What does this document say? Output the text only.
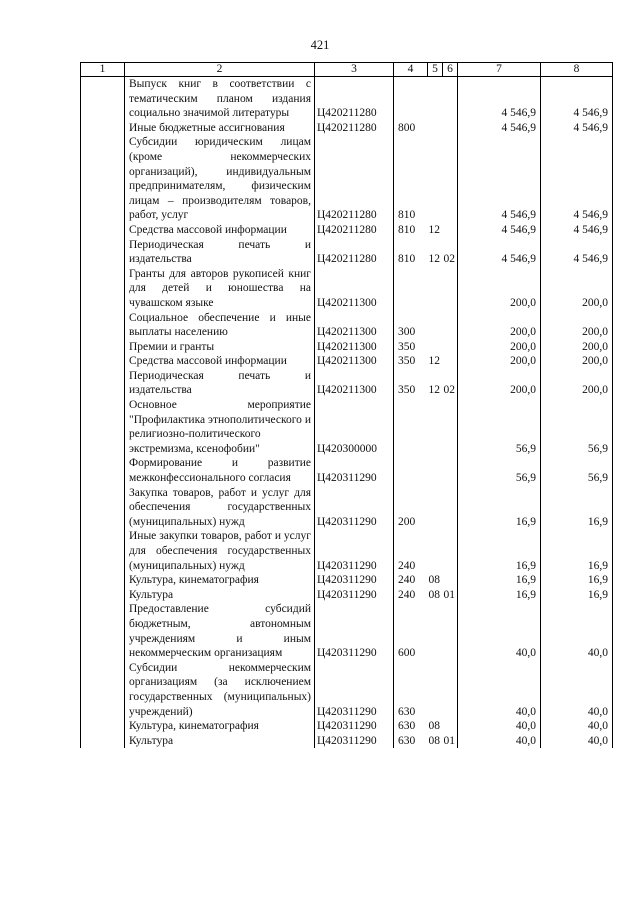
421
1	2	3	4	5	6	7	8
	Выпуск книг в соответствии с тематическим планом издания социально значимой литературы	Ц420211280				4 546,9	4 546,9
	Иные бюджетные ассигнования	Ц420211280	800			4 546,9	4 546,9
	Субсидии юридическим лицам (кроме некоммерческих организаций), индивидуальным предпринимателям, физическим лицам – производителям товаров, работ, услуг	Ц420211280	810			4 546,9	4 546,9
	Средства массовой информации	Ц420211280	810	12		4 546,9	4 546,9
	Периодическая печать и издательства	Ц420211280	810	12	02	4 546,9	4 546,9
	Гранты для авторов рукописей книг для детей и юношества на чувашском языке	Ц420211300				200,0	200,0
	Социальное обеспечение и иные выплаты населению	Ц420211300	300			200,0	200,0
	Премии и гранты	Ц420211300	350			200,0	200,0
	Средства массовой информации	Ц420211300	350	12		200,0	200,0
	Периодическая печать и издательства	Ц420211300	350	12	02	200,0	200,0
	Основное мероприятие "Профилактика этнополитического и религиозно-политического экстремизма, ксенофобии"	Ц420300000				56,9	56,9
	Формирование и развитие межконфессионального согласия	Ц420311290				56,9	56,9
	Закупка товаров, работ и услуг для обеспечения государственных (муниципальных) нужд	Ц420311290	200			16,9	16,9
	Иные закупки товаров, работ и услуг для обеспечения государственных (муниципальных) нужд	Ц420311290	240			16,9	16,9
	Культура, кинематография	Ц420311290	240	08		16,9	16,9
	Культура	Ц420311290	240	08	01	16,9	16,9
	Предоставление субсидий бюджетным, автономным учреждениям и иным некоммерческим организациям	Ц420311290	600			40,0	40,0
	Субсидии некоммерческим организациям (за исключением государственных (муниципальных) учреждений)	Ц420311290	630			40,0	40,0
	Культура, кинематография	Ц420311290	630	08		40,0	40,0
	Культура	Ц420311290	630	08	01	40,0	40,0
